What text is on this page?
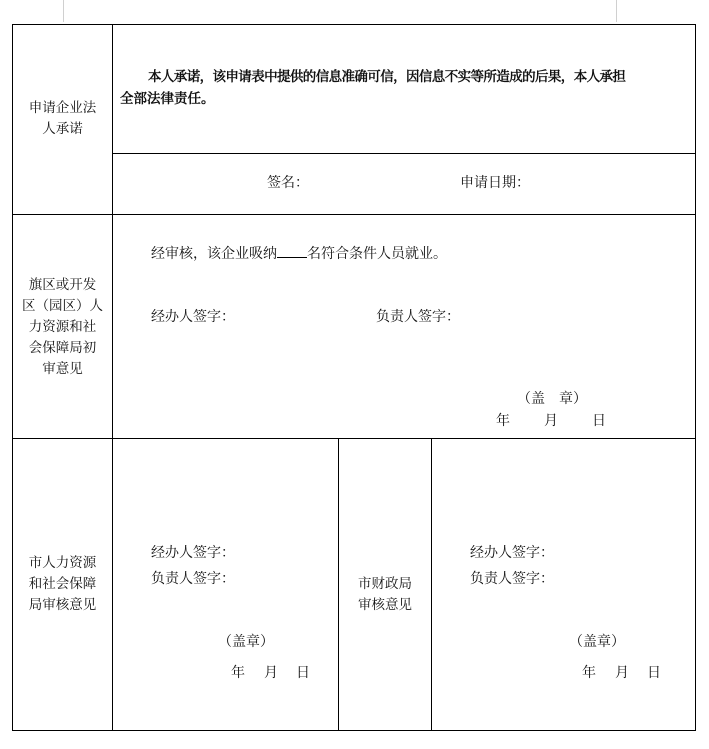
申请企业法
人承诺
本人承诺，该申请表中提供的信息准确可信，因信息不实等所造成的后果，本人承担
全部法律责任。
签名：	申请日期：
旗区或开发
区（园区）人
力资源和社
会保障局初
审意见
经审核，该企业吸纳 名符合条件人员就业。
经办人签字：	负责人签字：
（盖　章）
年 月 日
市人力资源
和社会保障
局审核意见
经办人签字：
负责人签字：
（盖章）
年 月 日
市财政局
审核意见
经办人签字：
负责人签字：
（盖章）
年 月 日
